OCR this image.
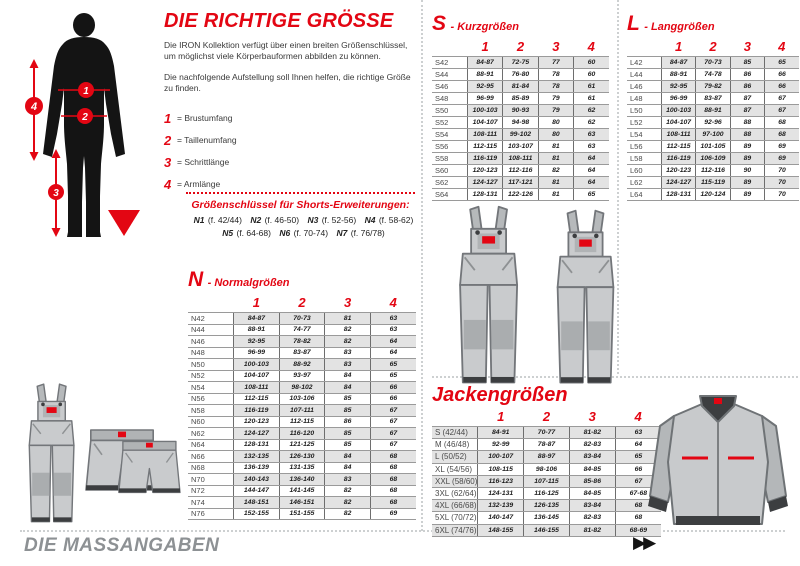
4
1
2
3
DIE RICHTIGE GRÖSSE

Die IRON Kollektion verfügt über einen breiten Größenschlüssel, um möglichst viele Körperbauformen abbilden zu können.

Die nachfolgende Aufstellung soll Ihnen helfen, die richtige Größe zu finden.

1 = Brustumfang
2 = Taillenumfang
3 = Schrittlänge
4 = Armlänge
Größenschlüssel für Shorts-Erweiterungen:
N1 (f. 42/44) N2 (f. 46-50) N3 (f. 52-56) N4 (f. 58-62)
N5 (f. 64-68) N6 (f. 70-74) N7 (f. 76/78)
S - Kurzgrößen
	1	2	3	4
S42	84-87	72-75	77	60
S44	88-91	76-80	78	60
S46	92-95	81-84	78	61
S48	96-99	85-89	79	61
S50	100-103	90-93	79	62
S52	104-107	94-98	80	62
S54	108-111	99-102	80	63
S56	112-115	103-107	81	63
S58	116-119	108-111	81	64
S60	120-123	112-116	82	64
S62	124-127	117-121	81	64
S64	128-131	122-126	81	65
L - Langgrößen
	1	2	3	4
L42	84-87	70-73	85	65
L44	88-91	74-78	86	66
L46	92-95	79-82	86	66
L48	96-99	83-87	87	67
L50	100-103	88-91	87	67
L52	104-107	92-96	88	68
L54	108-111	97-100	88	68
L56	112-115	101-105	89	69
L58	116-119	106-109	89	69
L60	120-123	112-116	90	70
L62	124-127	115-119	89	70
L64	128-131	120-124	89	70
N - Normalgrößen
	1	2	3	4
N42	84-87	70-73	81	63
N44	88-91	74-77	82	63
N46	92-95	78-82	82	64
N48	96-99	83-87	83	64
N50	100-103	88-92	83	65
N52	104-107	93-97	84	65
N54	108-111	98-102	84	66
N56	112-115	103-106	85	66
N58	116-119	107-111	85	67
N60	120-123	112-115	86	67
N62	124-127	116-120	85	67
N64	128-131	121-125	85	67
N66	132-135	126-130	84	68
N68	136-139	131-135	84	68
N70	140-143	136-140	83	68
N72	144-147	141-145	82	68
N74	148-151	146-151	82	68
N76	152-155	151-155	82	69
Jackengrößen
	1	2	3	4
S (42/44)	84-91	70-77	81-82	63
M (46/48)	92-99	78-87	82-83	64
L (50/52)	100-107	88-97	83-84	65
XL (54/56)	108-115	98-106	84-85	66
XXL (58/60)	116-123	107-115	85-86	67
3XL (62/64)	124-131	116-125	84-85	67-68
4XL (66/68)	132-139	126-135	83-84	68
5XL (70/72)	140-147	136-145	82-83	68
6XL (74/76)	148-155	146-155	81-82	68-69
DIE MASSANGABEN	▶▶
